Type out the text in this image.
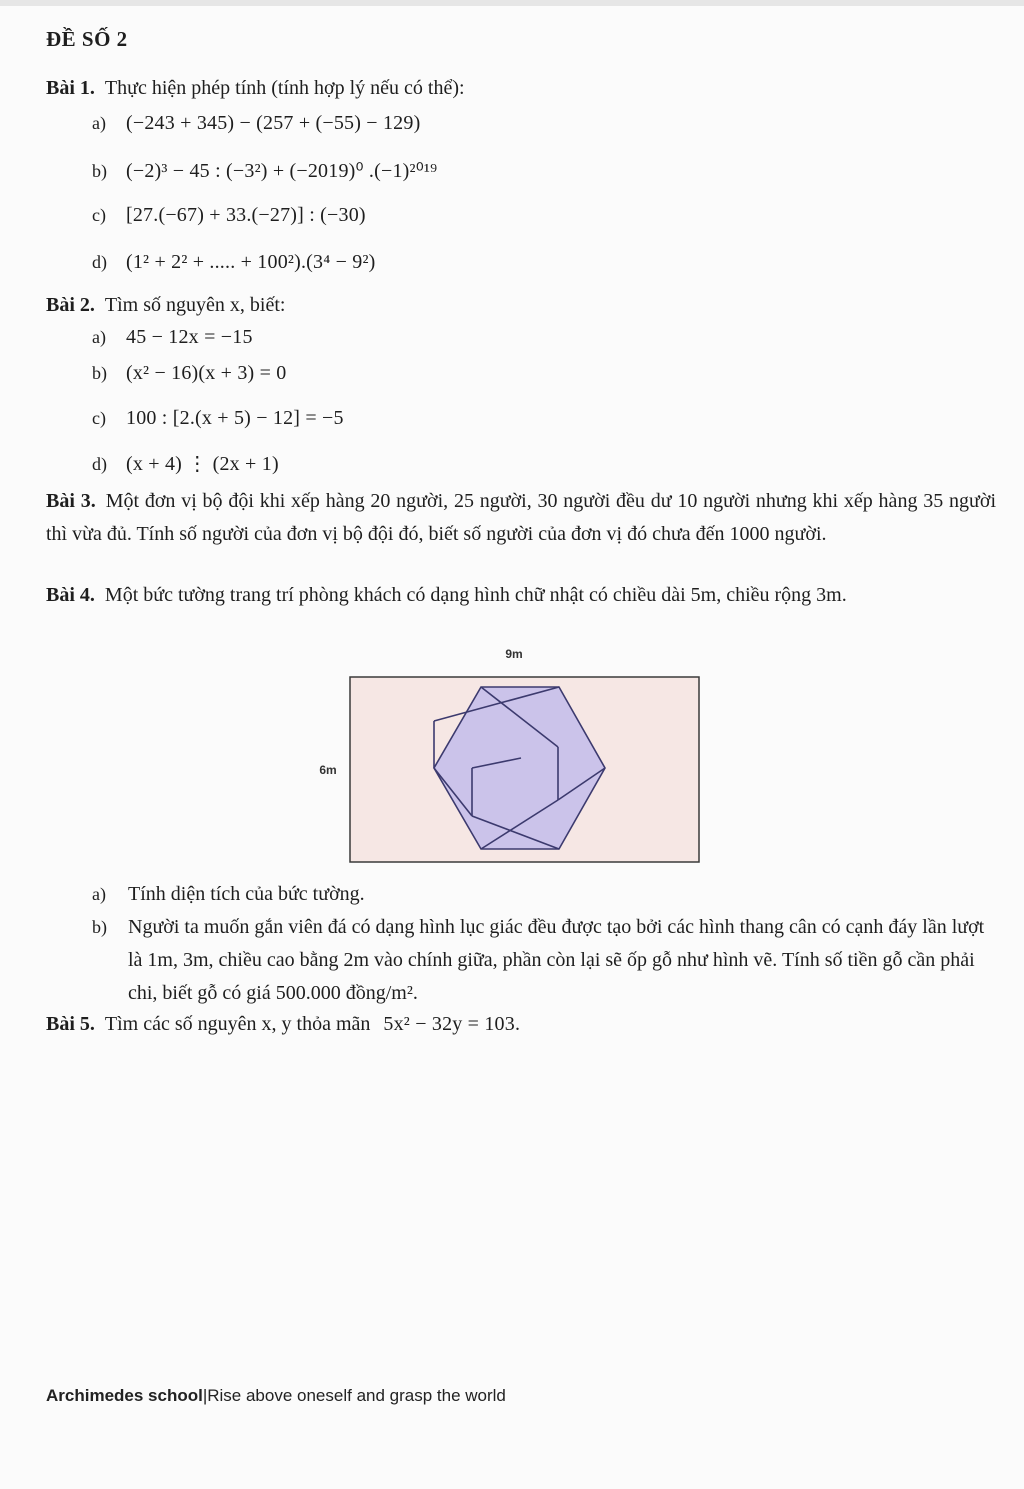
ĐỀ SỐ 2
Bài 1. Thực hiện phép tính (tính hợp lý nếu có thể):
a) (−243 + 345) − (257 + (−55) − 129)
b) (−2)³ − 45 : (−3²) + (−2019)⁰ .(−1)²⁰¹⁹
c) [27.(−67) + 33.(−27)] : (−30)
d) (1² + 2² + ..... + 100²).(3⁴ − 9²)
Bài 2. Tìm số nguyên x, biết:
a) 45 − 12x = −15
b) (x² − 16)(x + 3) = 0
c) 100 : [2.(x + 5) − 12] = −5
d) (x + 4) ⋮ (2x + 1)
Bài 3. Một đơn vị bộ đội khi xếp hàng 20 người, 25 người, 30 người đều dư 10 người nhưng khi xếp hàng 35 người thì vừa đủ. Tính số người của đơn vị bộ đội đó, biết số người của đơn vị đó chưa đến 1000 người.
Bài 4. Một bức tường trang trí phòng khách có dạng hình chữ nhật có chiều dài 5m, chiều rộng 3m.
9m
6m
a) Tính diện tích của bức tường.
b) Người ta muốn gắn viên đá có dạng hình lục giác đều được tạo bởi các hình thang cân có cạnh đáy lần lượt là 1m, 3m, chiều cao bằng 2m vào chính giữa, phần còn lại sẽ ốp gỗ như hình vẽ. Tính số tiền gỗ cần phải chi, biết gỗ có giá 500.000 đồng/m².
Bài 5. Tìm các số nguyên x, y thỏa mãn 5x² − 32y = 103.
Archimedes school|Rise above oneself and grasp the world
